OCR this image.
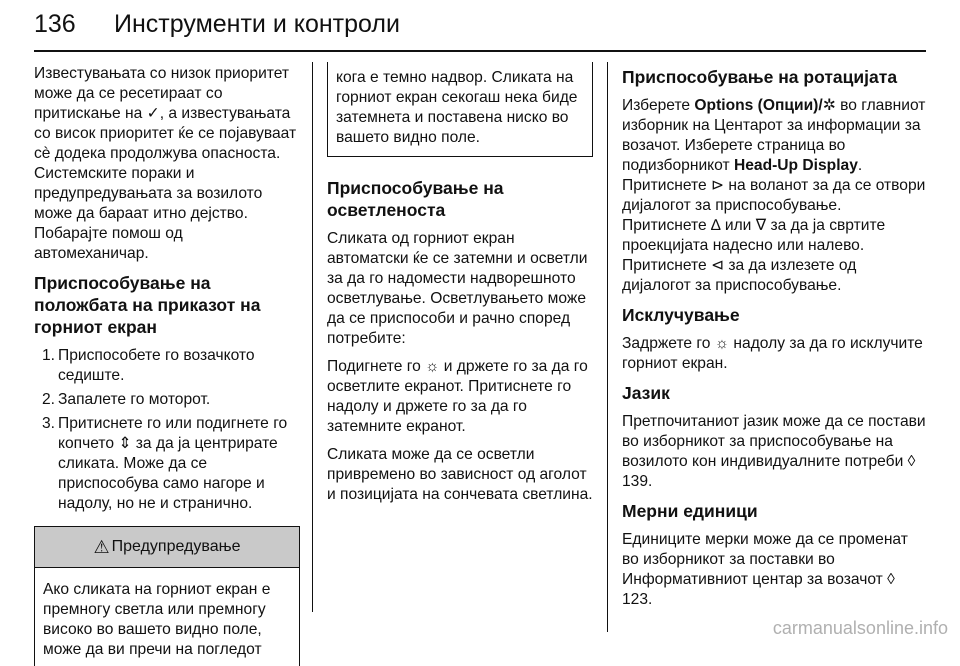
136 Инструменти и контроли

Известувањата со низок приоритет може да се ресетираат со притискање на ✓, а известувањата со висок приоритет ќе се појавуваат сè додека продолжува опасноста. Системските пораки и предупредувањата за возилото може да бараат итно дејство. Побарајте помош од автомеханичар.

Приспособување на положбата на приказот на горниот екран
1. Приспособете го возачкото седиште.
2. Запалете го моторот.
3. Притиснете го или подигнете го копчето ⇕ за да ја центрирате сликата. Може да се приспособува само нагоре и надолу, но не и странично.
⚠ Предупредување
Ако сликата на горниот екран е премногу светла или премногу високо во вашето видно поле, може да ви пречи на погледот
кога е темно надвор. Сликата на горниот екран секогаш нека биде затемнета и поставена ниско во вашето видно поле.
Приспособување на осветленоста

Сликата од горниот екран автоматски ќе се затемни и осветли за да го надомести надворешното осветлување. Осветлувањето може да се приспособи и рачно според потребите:

Подигнете го ☼ и држете го за да го осветлите екранот. Притиснете го надолу и држете го за да го затемните екранот.

Сликата може да се осветли привремено во зависност од аголот и позицијата на сончевата светлина.

Приспособување на ротацијата

Изберете Options (Опции)/✲ во главниот изборник на Центарот за информации за возачот. Изберете страница во подизборникот Head-Up Display. Притиснете ⊳ на воланот за да се отвори дијалогот за приспособување. Притиснете ∆ или ∇ за да ја свртите проекцијата надесно или налево. Притиснете ⊲ за да излезете од дијалогот за приспособување.

Исклучување

Задржете го ☼ надолу за да го исклучите горниот екран.

Јазик

Претпочитаниот јазик може да се постави во изборникот за приспособување на возилото кон индивидуалните потреби ◊ 139.

Мерни единици

Единиците мерки може да се променат во изборникот за поставки во Информативниот центар за возачот ◊ 123.

carmanualsonline.info
